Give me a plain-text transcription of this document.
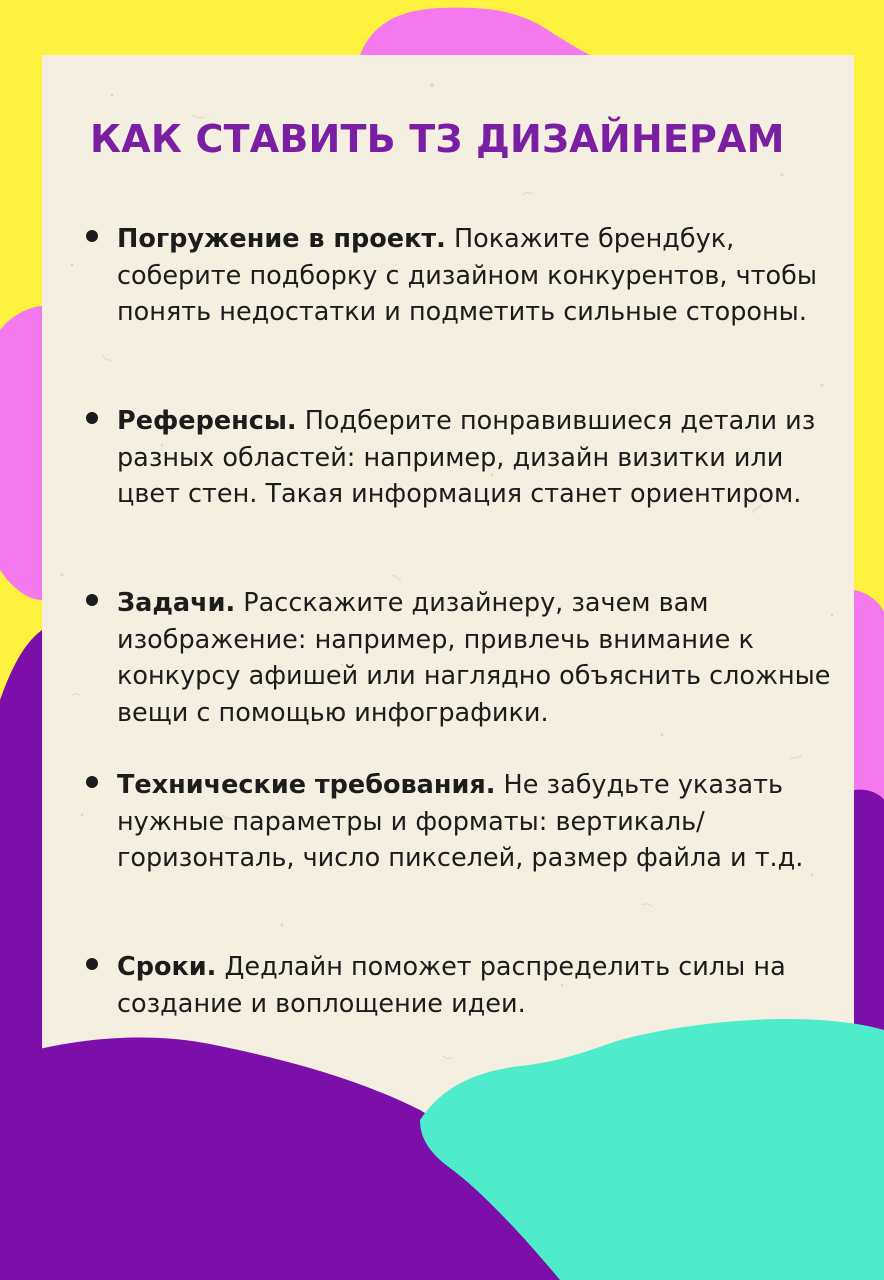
КАК СТАВИТЬ ТЗ ДИЗАЙНЕРАМ
Погружение в проект. Покажите брендбук, соберите подборку с дизайном конкурентов, чтобы понять недостатки и подметить сильные стороны.
Референсы. Подберите понравившиеся детали из разных областей: например, дизайн визитки или цвет стен. Такая информация станет ориентиром.
Задачи. Расскажите дизайнеру, зачем вам изображение: например, привлечь внимание к конкурсу афишей или наглядно объяснить сложные вещи с помощью инфографики.
Технические требования. Не забудьте указать нужные параметры и форматы: вертикаль/горизонталь, число пикселей, размер файла и т.д.
Сроки. Дедлайн поможет распределить силы на создание и воплощение идеи.
